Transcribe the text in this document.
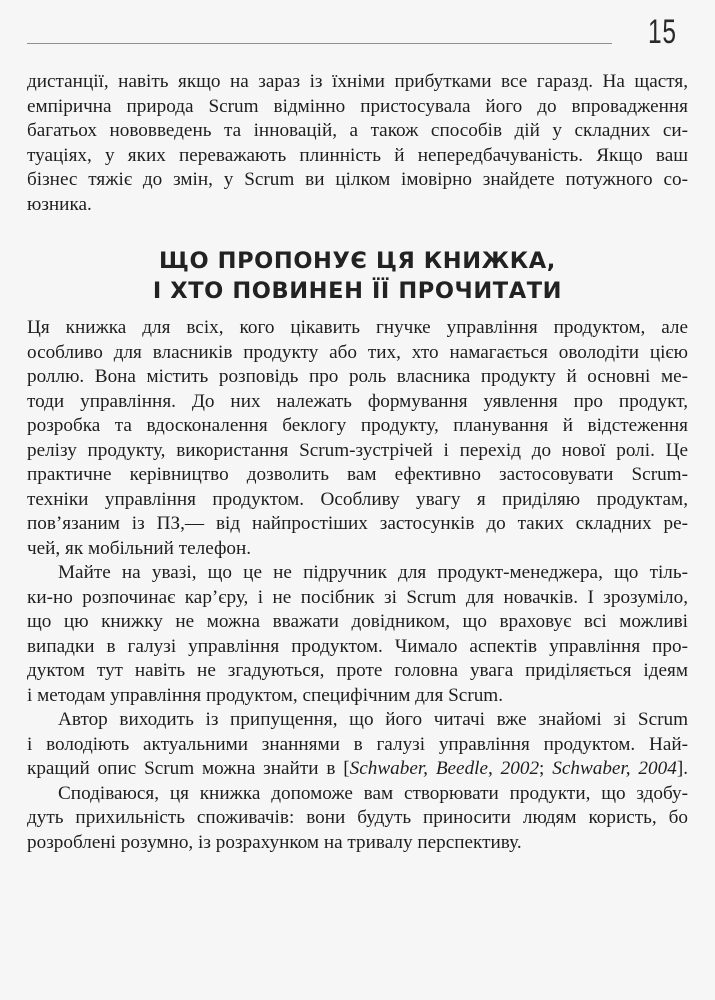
15

дистанції, навіть якщо на зараз із їхніми прибутками все гаразд. На щастя,
емпірична природа Scrum відмінно пристосувала його до впровадження
багатьох нововведень та інновацій, а також способів дій у складних си-
туаціях, у яких переважають плинність й непередбачуваність. Якщо ваш
бізнес тяжіє до змін, у Scrum ви цілком імовірно знайдете потужного со-
юзника.

ЩО ПРОПОНУЄ ЦЯ КНИЖКА,
І ХТО ПОВИНЕН ЇЇ ПРОЧИТАТИ

Ця книжка для всіх, кого цікавить гнучке управління продуктом, але
особливо для власників продукту або тих, хто намагається оволодіти цією
роллю. Вона містить розповідь про роль власника продукту й основні ме-
тоди управління. До них належать формування уявлення про продукт,
розробка та вдосконалення беклогу продукту, планування й відстеження
релізу продукту, використання Scrum-зустрічей і перехід до нової ролі. Це
практичне керівництво дозволить вам ефективно застосовувати Scrum-
техніки управління продуктом. Особливу увагу я приділяю продуктам,
пов’язаним із ПЗ,— від найпростіших застосунків до таких складних ре-
чей, як мобільний телефон.

Майте на увазі, що це не підручник для продукт-менеджера, що тіль-
ки-но розпочинає кар’єру, і не посібник зі Scrum для новачків. І зрозуміло,
що цю книжку не можна вважати довідником, що враховує всі можливі
випадки в галузі управління продуктом. Чимало аспектів управління про-
дуктом тут навіть не згадуються, проте головна увага приділяється ідеям
і методам управління продуктом, специфічним для Scrum.

Автор виходить із припущення, що його читачі вже знайомі зі Scrum
і володіють актуальними знаннями в галузі управління продуктом. Най-
кращий опис Scrum можна знайти в [Schwaber, Beedle, 2002; Schwaber, 2004].

Сподіваюся, ця книжка допоможе вам створювати продукти, що здобу-
дуть прихильність споживачів: вони будуть приносити людям користь, бо
розроблені розумно, із розрахунком на тривалу перспективу.
